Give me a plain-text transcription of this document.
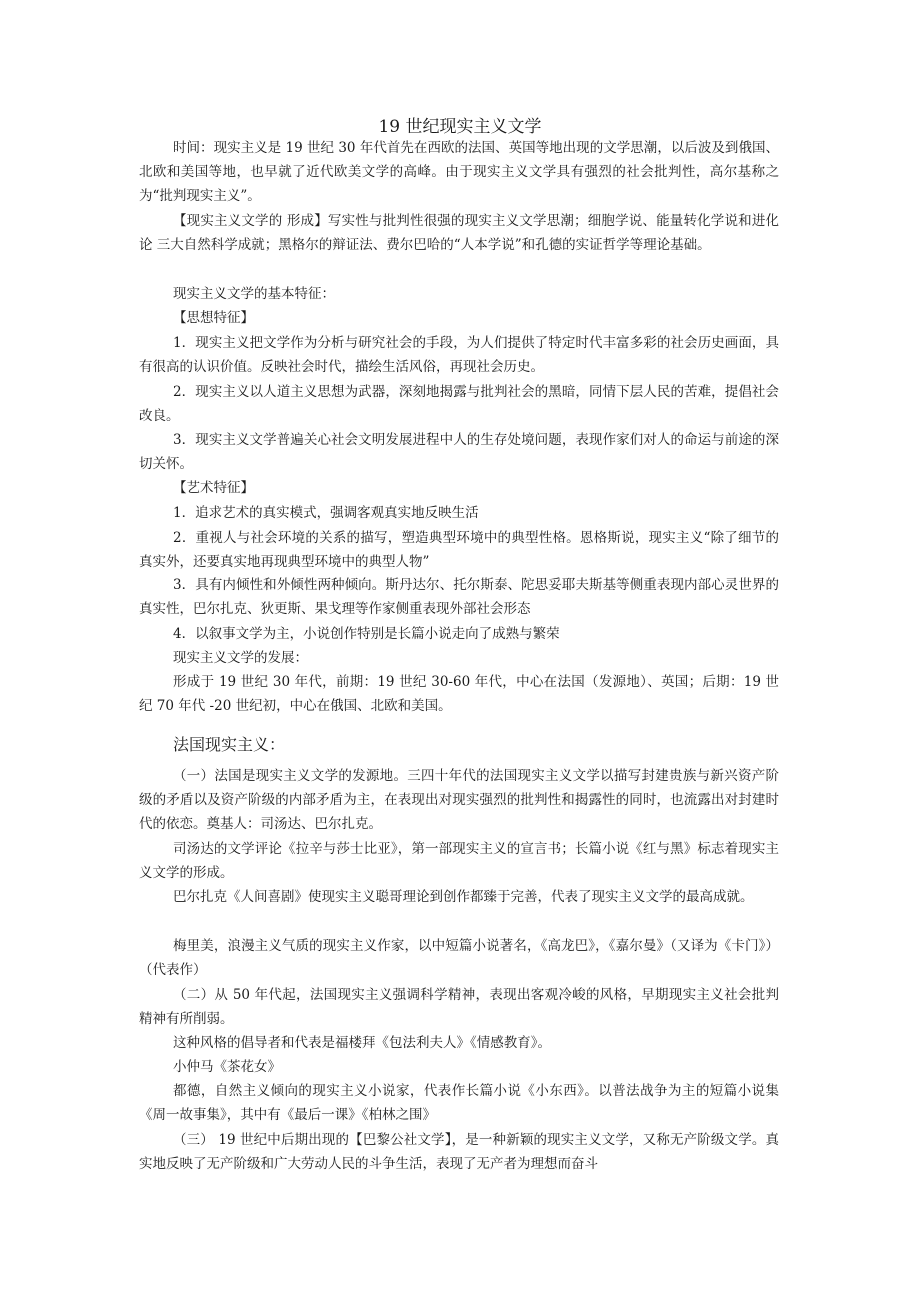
19 世纪现实主义文学
时间：现实主义是 19 世纪 30 年代首先在西欧的法国、英国等地出现的文学思潮，以后波及到俄国、北欧和美国等地，也早就了近代欧美文学的高峰。由于现实主义文学具有强烈的社会批判性，高尔基称之为“批判现实主义”。
【现实主义文学的 形成】写实性与批判性很强的现实主义文学思潮；细胞学说、能量转化学说和进化论 三大自然科学成就；黑格尔的辩证法、费尔巴哈的“人本学说”和孔德的实证哲学等理论基础。
现实主义文学的基本特征：
【思想特征】
1．现实主义把文学作为分析与研究社会的手段，为人们提供了特定时代丰富多彩的社会历史画面，具有很高的认识价值。反映社会时代，描绘生活风俗，再现社会历史。
2．现实主义以人道主义思想为武器，深刻地揭露与批判社会的黑暗，同情下层人民的苦难，提倡社会改良。
3．现实主义文学普遍关心社会文明发展进程中人的生存处境问题，表现作家们对人的命运与前途的深切关怀。
【艺术特征】
1．追求艺术的真实模式，强调客观真实地反映生活
2．重视人与社会环境的关系的描写，塑造典型环境中的典型性格。恩格斯说，现实主义“除了细节的真实外，还要真实地再现典型环境中的典型人物”
3．具有内倾性和外倾性两种倾向。斯丹达尔、托尔斯泰、陀思妥耶夫斯基等侧重表现内部心灵世界的真实性，巴尔扎克、狄更斯、果戈理等作家侧重表现外部社会形态
4．以叙事文学为主，小说创作特别是长篇小说走向了成熟与繁荣
现实主义文学的发展：
形成于 19 世纪 30 年代，前期：19 世纪 30-60 年代，中心在法国（发源地）、英国；后期：19 世纪 70 年代 -20 世纪初，中心在俄国、北欧和美国。
法国现实主义：
（一）法国是现实主义文学的发源地。三四十年代的法国现实主义文学以描写封建贵族与新兴资产阶级的矛盾以及资产阶级的内部矛盾为主，在表现出对现实强烈的批判性和揭露性的同时，也流露出对封建时代的依恋。奠基人：司汤达、巴尔扎克。
司汤达的文学评论《拉辛与莎士比亚》，第一部现实主义的宣言书；长篇小说《红与黑》标志着现实主义文学的形成。
巴尔扎克《人间喜剧》使现实主义聪哥理论到创作都臻于完善，代表了现实主义文学的最高成就。
梅里美，浪漫主义气质的现实主义作家，以中短篇小说著名，《高龙巴》，《嘉尔曼》（又译为《卡门》）（代表作）
（二）从 50 年代起，法国现实主义强调科学精神，表现出客观冷峻的风格，早期现实主义社会批判精神有所削弱。
这种风格的倡导者和代表是福楼拜《包法利夫人》《情感教育》。
小仲马《茶花女》
都德，自然主义倾向的现实主义小说家，代表作长篇小说《小东西》。以普法战争为主的短篇小说集《周一故事集》，其中有《最后一课》《柏林之围》
（三） 19 世纪中后期出现的【巴黎公社文学】，是一种新颖的现实主义文学，又称无产阶级文学。真实地反映了无产阶级和广大劳动人民的斗争生活，表现了无产者为理想而奋斗
